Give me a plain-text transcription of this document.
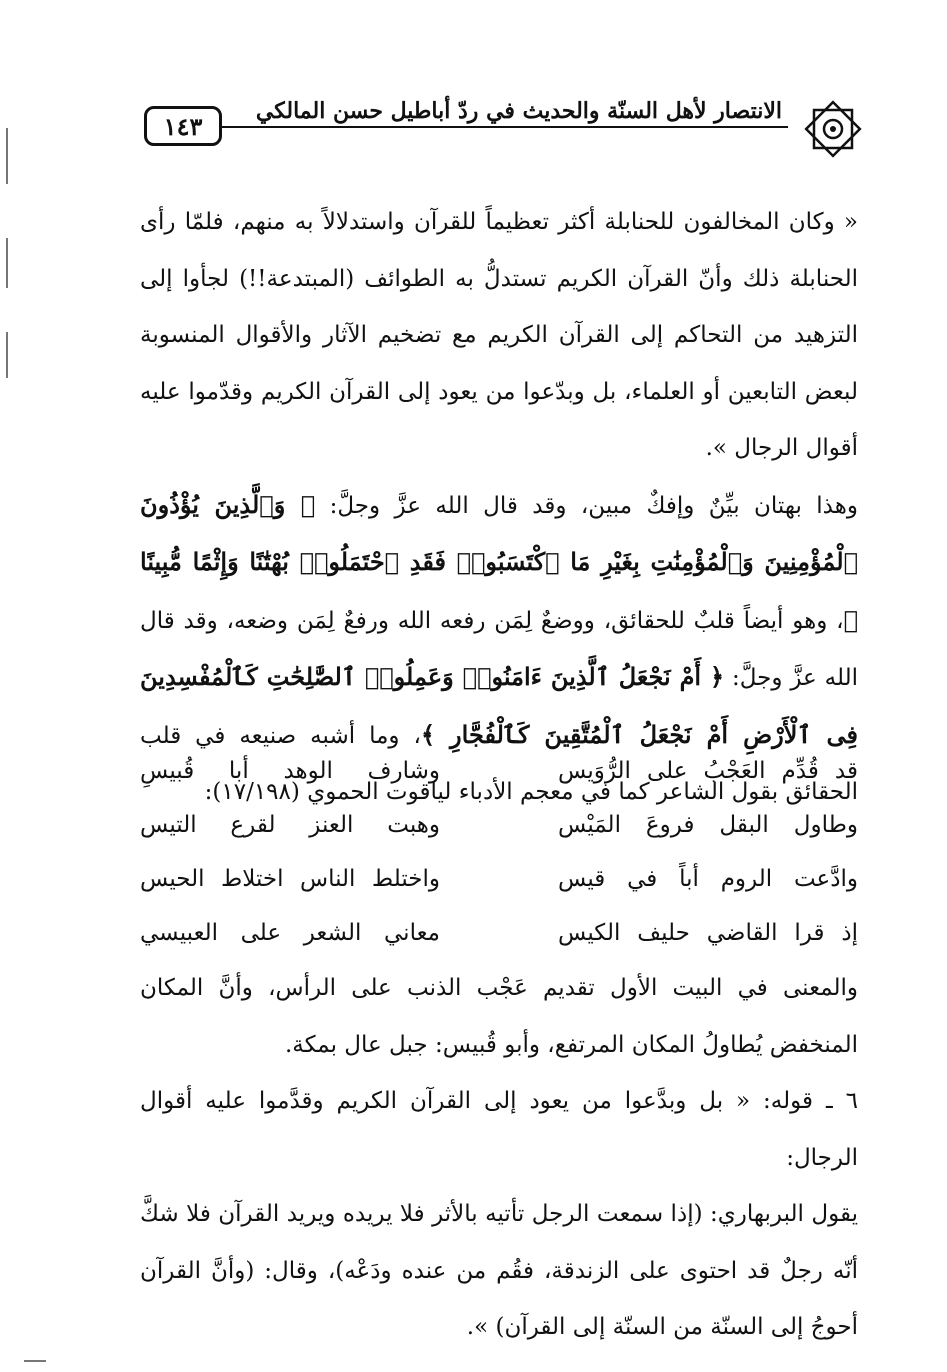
١٤٣
الانتصار لأهل السنّة والحديث في ردّ أباطيل حسن المالكي

« وكان المخالفون للحنابلة أكثر تعظيماً للقرآن واستدلالاً به منهم، فلمّا رأى الحنابلة ذلك وأنّ القرآن الكريم تستدلُّ به الطوائف (المبتدعة!!) لجأوا إلى التزهيد من التحاكم إلى القرآن الكريم مع تضخيم الآثار والأقوال المنسوبة لبعض التابعين أو العلماء، بل وبدّعوا من يعود إلى القرآن الكريم وقدّموا عليه أقوال الرجال ».

وهذا بهتان بيِّنٌ وإفكٌ مبين، وقد قال الله عزَّ وجلَّ: ﴿ وَٱلَّذِينَ يُؤْذُونَ ٱلْمُؤْمِنِينَ وَٱلْمُؤْمِنَٰتِ بِغَيْرِ مَا ٱكْتَسَبُوا۟ فَقَدِ ٱحْتَمَلُوا۟ بُهْتَٰنًا وَإِثْمًا مُّبِينًا ﴾، وهو أيضاً قلبٌ للحقائق، ووضعٌ لِمَن رفعه الله ورفعٌ لِمَن وضعه، وقد قال الله عزَّ وجلَّ: ﴿ أَمْ نَجْعَلُ ٱلَّذِينَ ءَامَنُوا۟ وَعَمِلُوا۟ ٱلصَّٰلِحَٰتِ كَٱلْمُفْسِدِينَ فِى ٱلْأَرْضِ أَمْ نَجْعَلُ ٱلْمُتَّقِينَ كَٱلْفُجَّارِ ﴾، وما أشبه صنيعه في قلب الحقائق بقول الشاعر كما في معجم الأدباء لياقوت الحموي (١٧/١٩٨):

قد قُدِّم العَجْبُ على الرُّوَيس
وشارف الوهد أبا قُبيسِ
وطاول البقل فروعَ المَيْس
وهبت العنز لقرع التيس
وادَّعت الروم أباً في قيس
واختلط الناس اختلاط الحيس
إذ قرا القاضي حليف الكيس
معاني الشعر على العبيسي

والمعنى في البيت الأول تقديم عَجْب الذنب على الرأس، وأنَّ المكان المنخفض يُطاولُ المكان المرتفع، وأبو قُبيس: جبل عال بمكة.

٦ ـ قوله: « بل وبدَّعوا من يعود إلى القرآن الكريم وقدَّموا عليه أقوال الرجال:

يقول البربهاري: (إذا سمعت الرجل تأتيه بالأثر فلا يريده ويريد القرآن فلا شكَّ أنّه رجلٌ قد احتوى على الزندقة، فقُم من عنده ودَعْه)، وقال: (وأنَّ القرآن أحوجُ إلى السنّة من السنّة إلى القرآن) ».
